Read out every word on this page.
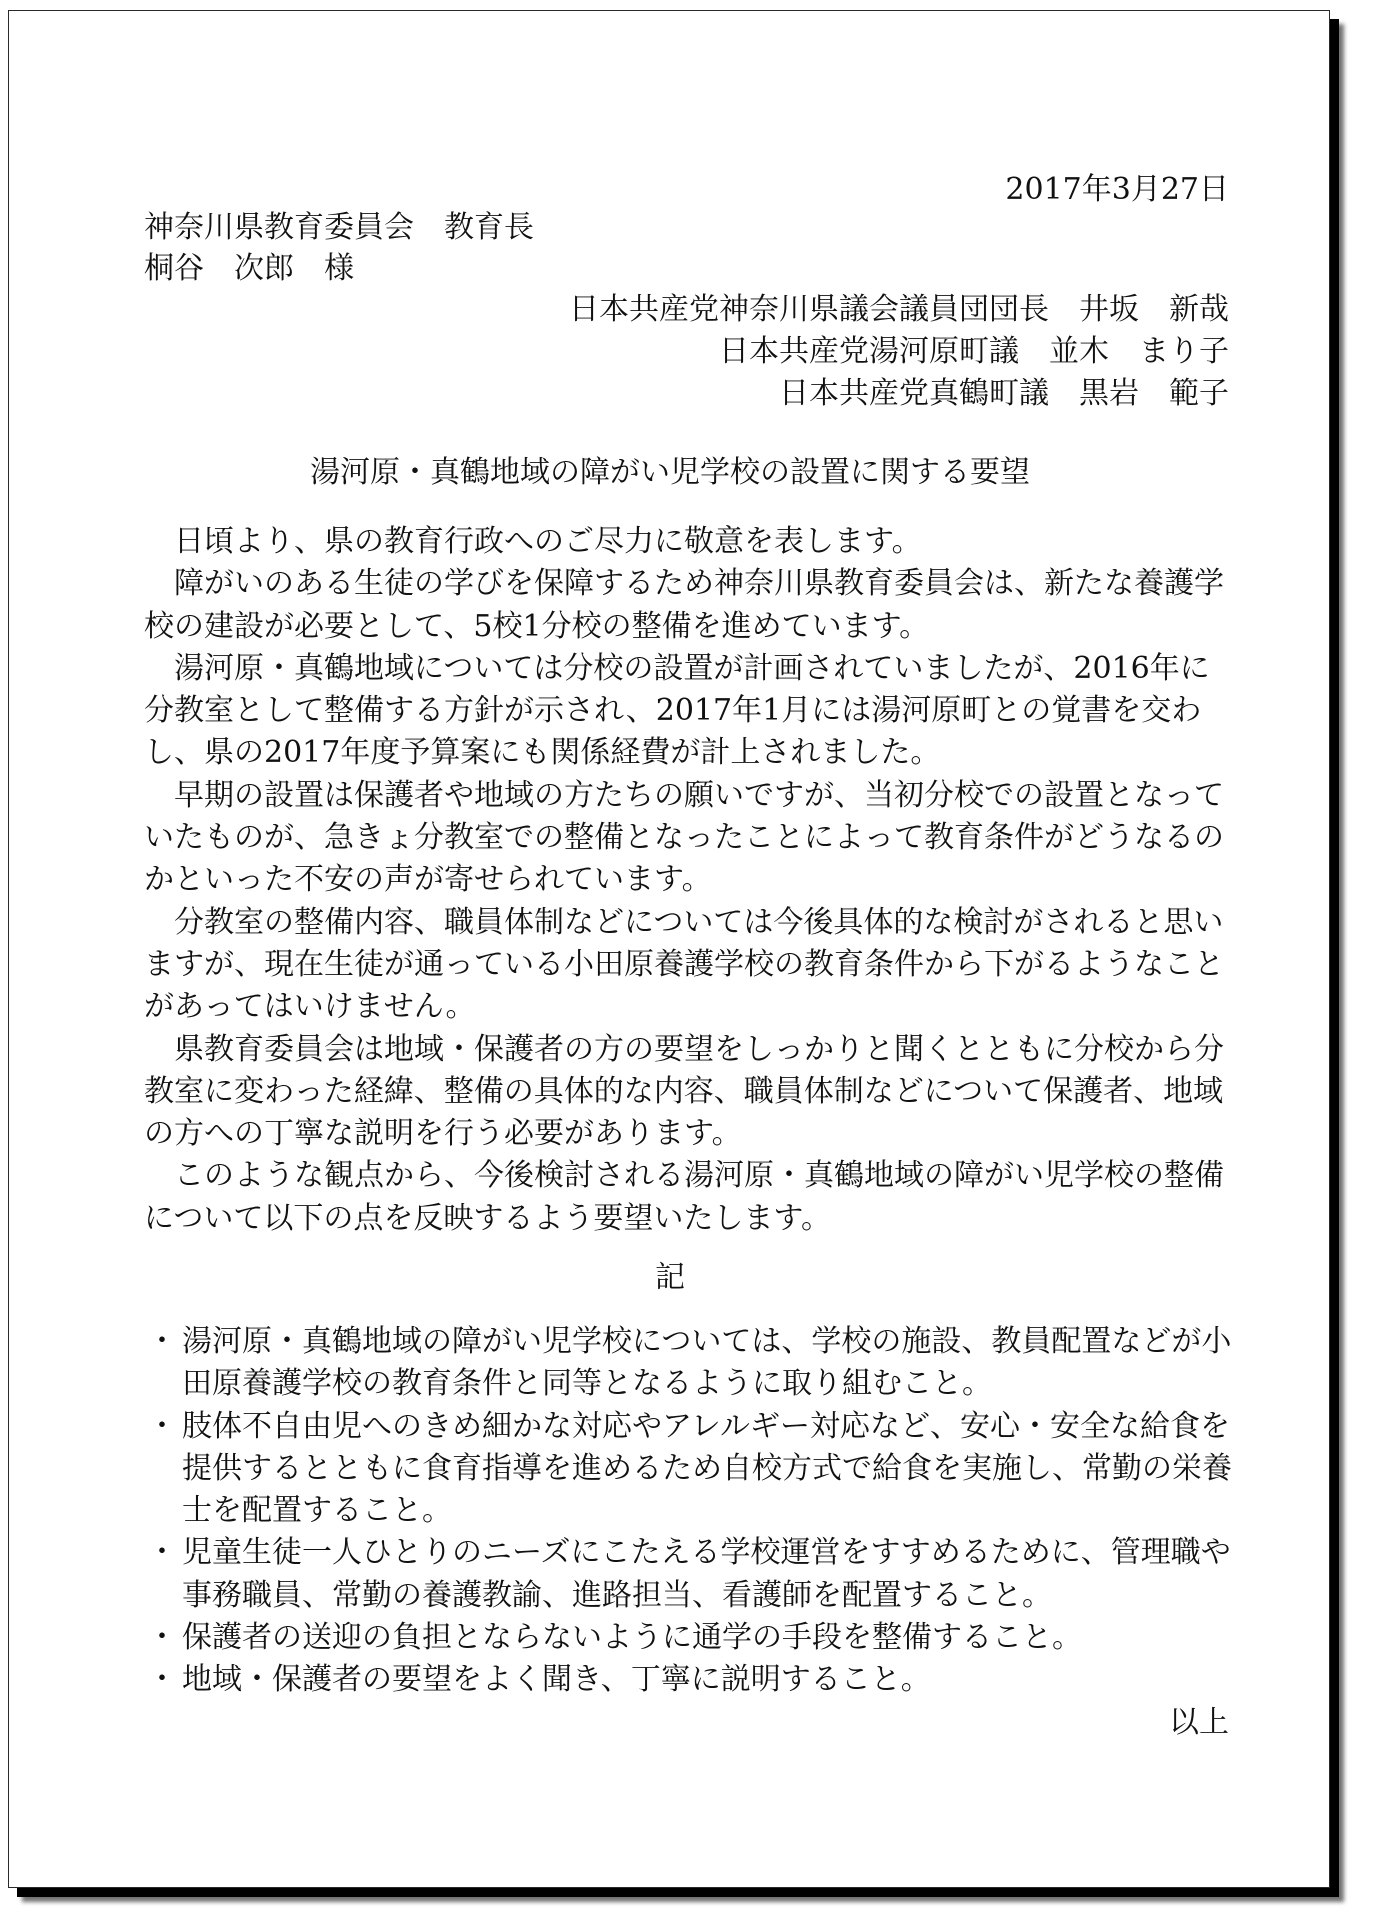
2017年3月27日
神奈川県教育委員会　教育長
桐谷　次郎　様
日本共産党神奈川県議会議員団団長　井坂　新哉
日本共産党湯河原町議　並木　まり子
日本共産党真鶴町議　黒岩　範子
湯河原・真鶴地域の障がい児学校の設置に関する要望

日頃より、県の教育行政へのご尽力に敬意を表します。

障がいのある生徒の学びを保障するため神奈川県教育委員会は、新たな養護学校の建設が必要として、5校1分校の整備を進めています。

湯河原・真鶴地域については分校の設置が計画されていましたが、2016年に分教室として整備する方針が示され、2017年1月には湯河原町との覚書を交わし、県の2017年度予算案にも関係経費が計上されました。

早期の設置は保護者や地域の方たちの願いですが、当初分校での設置となっていたものが、急きょ分教室での整備となったことによって教育条件がどうなるのかといった不安の声が寄せられています。

分教室の整備内容、職員体制などについては今後具体的な検討がされると思いますが、現在生徒が通っている小田原養護学校の教育条件から下がるようなことがあってはいけません。

県教育委員会は地域・保護者の方の要望をしっかりと聞くとともに分校から分教室に変わった経緯、整備の具体的な内容、職員体制などについて保護者、地域の方への丁寧な説明を行う必要があります。

このような観点から、今後検討される湯河原・真鶴地域の障がい児学校の整備について以下の点を反映するよう要望いたします。

記
・ 湯河原・真鶴地域の障がい児学校については、学校の施設、教員配置などが小田原養護学校の教育条件と同等となるように取り組むこと。
・ 肢体不自由児へのきめ細かな対応やアレルギー対応など、安心・安全な給食を提供するとともに食育指導を進めるため自校方式で給食を実施し、常勤の栄養士を配置すること。
・ 児童生徒一人ひとりのニーズにこたえる学校運営をすすめるために、管理職や事務職員、常勤の養護教諭、進路担当、看護師を配置すること。
・ 保護者の送迎の負担とならないように通学の手段を整備すること。
・ 地域・保護者の要望をよく聞き、丁寧に説明すること。
以上
